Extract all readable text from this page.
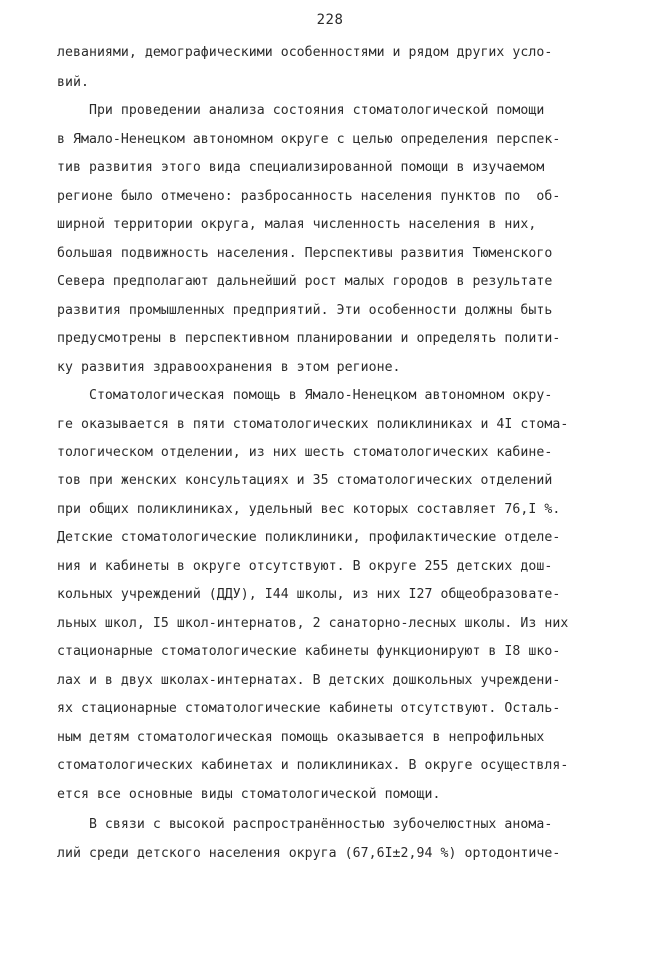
228
леваниями, демографическими особенностями и рядом других усло-
вий.
При проведении анализа состояния стоматологической помощи
в Ямало-Ненецком автономном округе с целью определения перспек-
тив развития этого вида специализированной помощи в изучаемом
регионе было отмечено: разбросанность населения пунктов по  об-
ширной территории округа, малая численность населения в них,
большая подвижность населения. Перспективы развития Тюменского
Севера предполагают дальнейший рост малых городов в результате
развития промышленных предприятий. Эти особенности должны быть
предусмотрены в перспективном планировании и определять полити-
ку развития здравоохранения в этом регионе.
Стоматологическая помощь в Ямало-Ненецком автономном окру-
ге оказывается в пяти стоматологических поликлиниках и 4I стома-
тологическом отделении, из них шесть стоматологических кабине-
тов при женских консультациях и 35 стоматологических отделений
при общих поликлиниках, удельный вес которых составляет 76,I %.
Детские стоматологические поликлиники, профилактические отделе-
ния и кабинеты в округе отсутствуют. В округе 255 детских дош-
кольных учреждений (ДДУ), I44 школы, из них I27 общеобразовате-
льных школ, I5 школ-интернатов, 2 санаторно-лесных школы. Из них
стационарные стоматологические кабинеты функционируют в I8 шко-
лах и в двух школах-интернатах. В детских дошкольных учреждени-
ях стационарные стоматологические кабинеты отсутствуют. Осталь-
ным детям стоматологическая помощь оказывается в непрофильных
стоматологических кабинетах и поликлиниках. В округе осуществля-
ется все основные виды стоматологической помощи.
В связи с высокой распространённостью зубочелюстных анома-
лий среди детского населения округа (67,6I±2,94 %) ортодонтиче-
